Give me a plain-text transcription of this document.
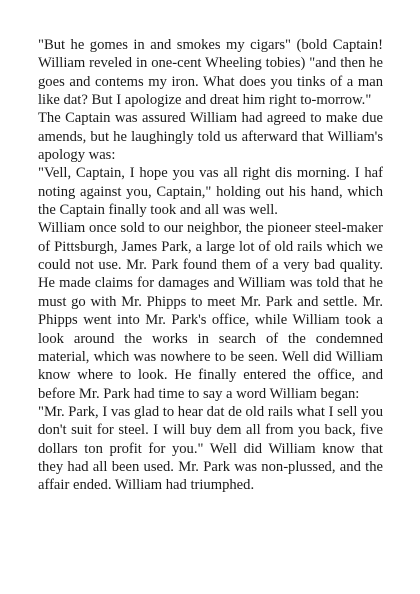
"But he gomes in and smokes my cigars" (bold Captain! William reveled in one-cent Wheeling tobies) "and then he goes and contems my iron. What does you tinks of a man like dat? But I apologize and dreat him right to-morrow."

The Captain was assured William had agreed to make due amends, but he laughingly told us afterward that William's apology was:

"Vell, Captain, I hope you vas all right dis morning. I haf noting against you, Captain," holding out his hand, which the Captain finally took and all was well.

William once sold to our neighbor, the pioneer steel-maker of Pittsburgh, James Park, a large lot of old rails which we could not use. Mr. Park found them of a very bad quality. He made claims for damages and William was told that he must go with Mr. Phipps to meet Mr. Park and settle. Mr. Phipps went into Mr. Park's office, while William took a look around the works in search of the condemned material, which was nowhere to be seen. Well did William know where to look. He finally entered the office, and before Mr. Park had time to say a word William began:

"Mr. Park, I vas glad to hear dat de old rails what I sell you don't suit for steel. I will buy dem all from you back, five dollars ton profit for you." Well did William know that they had all been used. Mr. Park was non-plussed, and the affair ended. William had triumphed.
